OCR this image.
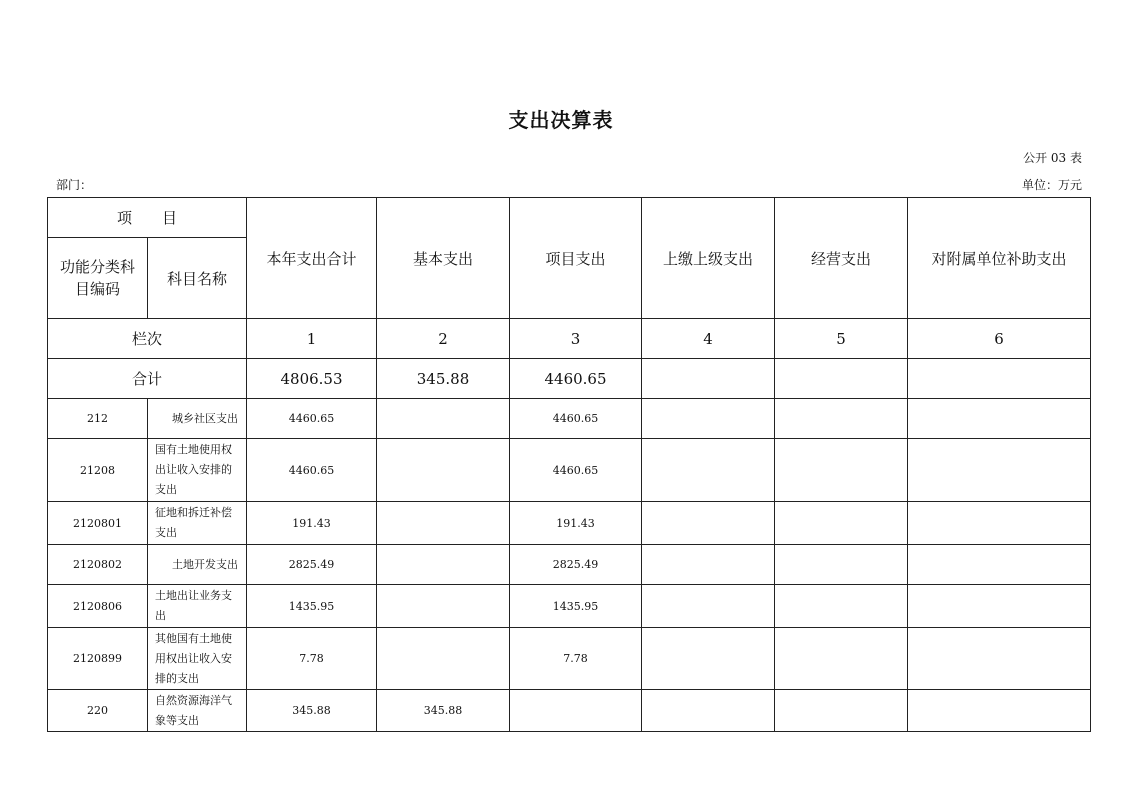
支出决算表
公开 03 表
部门：	单位：万元
项 目		本年支出合计	基本支出	项目支出	上缴上级支出	经营支出	对附属单位补助支出
功能分类科目编码	科目名称						
栏次		1	2	3	4	5	6
合计		4806.53	345.88	4460.65			
212	城乡社区支出	4460.65		4460.65			
21208	国有土地使用权出让收入安排的支出	4460.65		4460.65			
2120801	征地和拆迁补偿支出	191.43		191.43			
2120802	土地开发支出	2825.49		2825.49			
2120806	土地出让业务支出	1435.95		1435.95			
2120899	其他国有土地使用权出让收入安排的支出	7.78		7.78			
220	自然资源海洋气象等支出	345.88	345.88				
